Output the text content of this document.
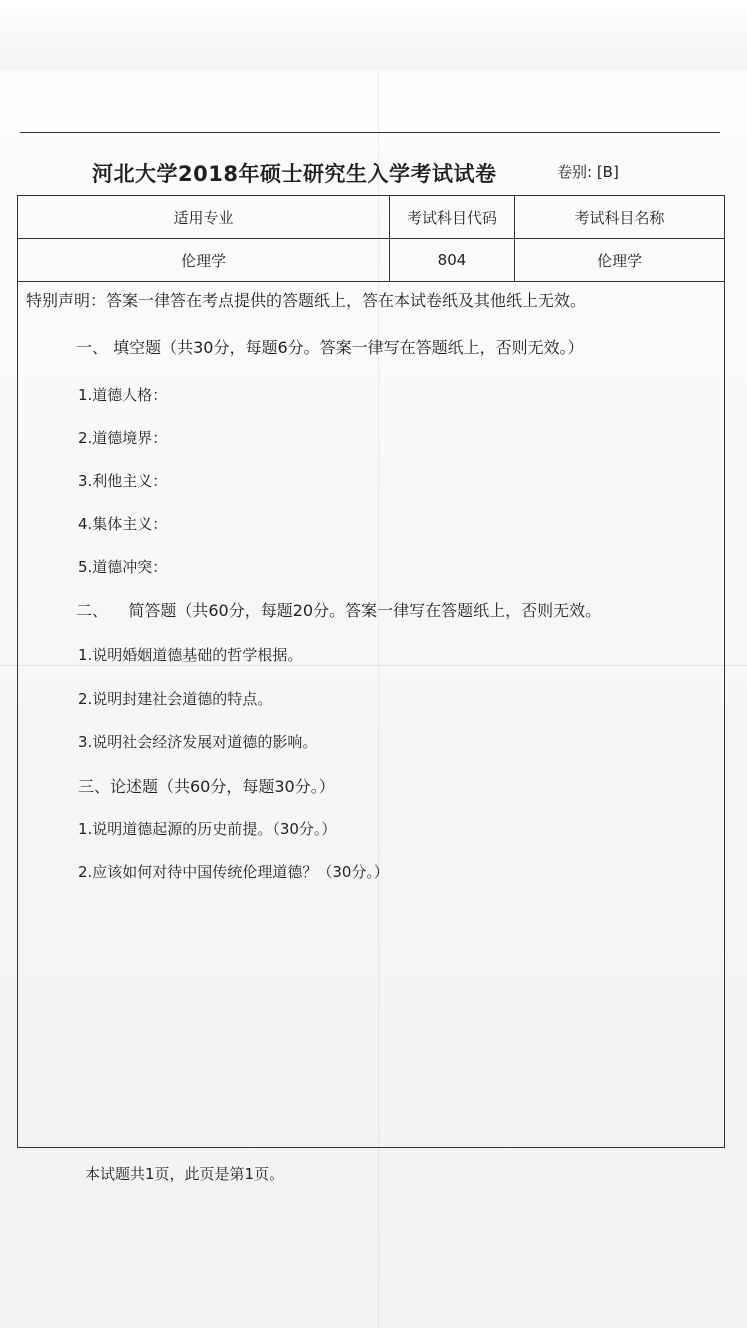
河北大学2018年硕士研究生入学考试试卷	卷别: [B]
适用专业	考试科目代码	考试科目名称
伦理学	804	伦理学
特别声明：答案一律答在考点提供的答题纸上，答在本试卷纸及其他纸上无效。
一、 填空题（共30分，每题6分。答案一律写在答题纸上，否则无效。）
1.道德人格：
2.道德境界：
3.利他主义：
4.集体主义：
5.道德冲突：
二、    简答题（共60分，每题20分。答案一律写在答题纸上，否则无效。
1.说明婚姻道德基础的哲学根据。
2.说明封建社会道德的特点。
3.说明社会经济发展对道德的影响。
三、论述题（共60分，每题30分。）
1.说明道德起源的历史前提。（30分。）
2.应该如何对待中国传统伦理道德？（30分。）
本试题共1页，此页是第1页。
